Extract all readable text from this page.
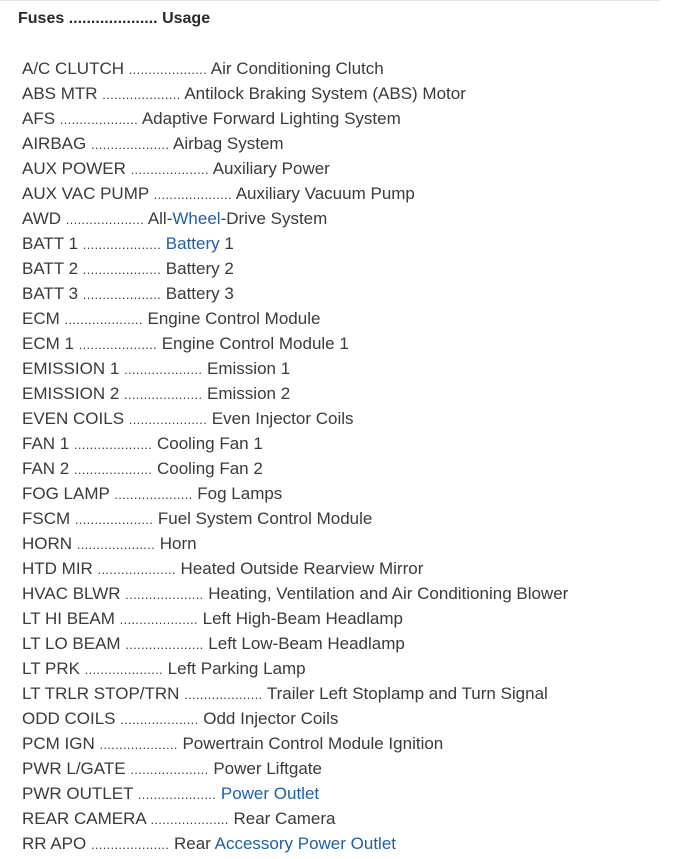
Fuses .................... Usage
A/C CLUTCH .................... Air Conditioning Clutch
ABS MTR .................... Antilock Braking System (ABS) Motor
AFS .................... Adaptive Forward Lighting System
AIRBAG .................... Airbag System
AUX POWER .................... Auxiliary Power
AUX VAC PUMP .................... Auxiliary Vacuum Pump
AWD .................... All-Wheel-Drive System
BATT 1 .................... Battery 1
BATT 2 .................... Battery 2
BATT 3 .................... Battery 3
ECM .................... Engine Control Module
ECM 1 .................... Engine Control Module 1
EMISSION 1 .................... Emission 1
EMISSION 2 .................... Emission 2
EVEN COILS .................... Even Injector Coils
FAN 1 .................... Cooling Fan 1
FAN 2 .................... Cooling Fan 2
FOG LAMP .................... Fog Lamps
FSCM .................... Fuel System Control Module
HORN .................... Horn
HTD MIR .................... Heated Outside Rearview Mirror
HVAC BLWR .................... Heating, Ventilation and Air Conditioning Blower
LT HI BEAM .................... Left High-Beam Headlamp
LT LO BEAM .................... Left Low-Beam Headlamp
LT PRK .................... Left Parking Lamp
LT TRLR STOP/TRN .................... Trailer Left Stoplamp and Turn Signal
ODD COILS .................... Odd Injector Coils
PCM IGN .................... Powertrain Control Module Ignition
PWR L/GATE .................... Power Liftgate
PWR OUTLET .................... Power Outlet
REAR CAMERA .................... Rear Camera
RR APO .................... Rear Accessory Power Outlet
